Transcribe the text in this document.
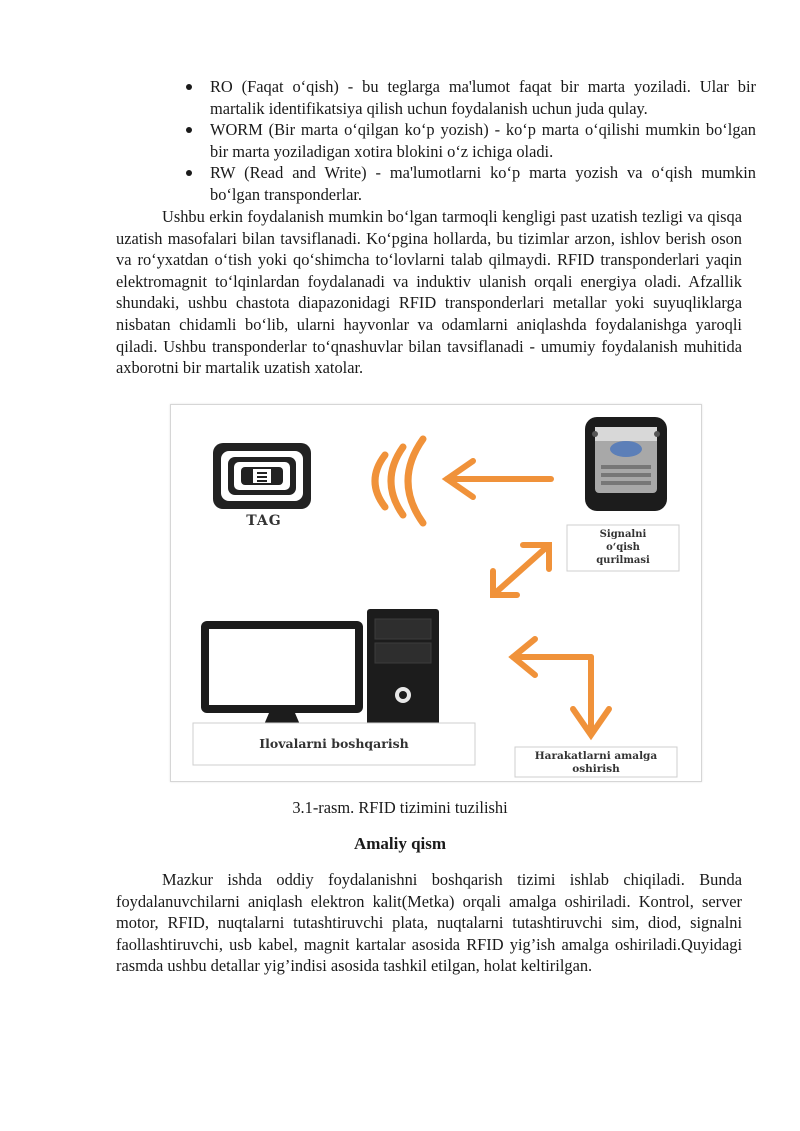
RO (Faqat o‘qish) - bu teglarga ma'lumot faqat bir marta yoziladi. Ular bir martalik identifikatsiya qilish uchun foydalanish uchun juda qulay.
WORM (Bir marta o‘qilgan ko‘p yozish) - ko‘p marta o‘qilishi mumkin bo‘lgan bir marta yoziladigan xotira blokini o‘z ichiga oladi.
RW (Read and Write) - ma'lumotlarni ko‘p marta yozish va o‘qish mumkin bo‘lgan transponderlar.

Ushbu erkin foydalanish mumkin bo‘lgan tarmoqli kengligi past uzatish tezligi va qisqa uzatish masofalari bilan tavsiflanadi. Ko‘pgina hollarda, bu tizimlar arzon, ishlov berish oson va ro‘yxatdan o‘tish yoki qo‘shimcha to‘lovlarni talab qilmaydi. RFID transponderlari yaqin elektromagnit to‘lqinlardan foydalanadi va induktiv ulanish orqali energiya oladi. Afzallik shundaki, ushbu chastota diapazonidagi RFID transponderlari metallar yoki suyuqliklarga nisbatan chidamli bo‘lib, ularni hayvonlar va odamlarni aniqlashda foydalanishga yaroqli qiladi. Ushbu transponderlar to‘qnashuvlar bilan tavsiflanadi - umumiy foydalanish muhitida axborotni bir martalik uzatish xatolar.

TAG
Signalni
o‘qish
qurilmasi
Ilovalarni boshqarish
Harakatlarni amalga
oshirish

3.1-rasm. RFID tizimini tuzilishi

Amaliy qism

Mazkur ishda oddiy foydalanishni boshqarish tizimi ishlab chiqiladi. Bunda foydalanuvchilarni aniqlash elektron kalit(Metka) orqali amalga oshiriladi. Kontrol, server motor, RFID, nuqtalarni tutashtiruvchi plata, nuqtalarni tutashtiruvchi sim, diod, signalni faollashtiruvchi, usb kabel, magnit kartalar asosida RFID yig’ish amalga oshiriladi.Quyidagi rasmda ushbu detallar yig’indisi asosida tashkil etilgan, holat keltirilgan.
